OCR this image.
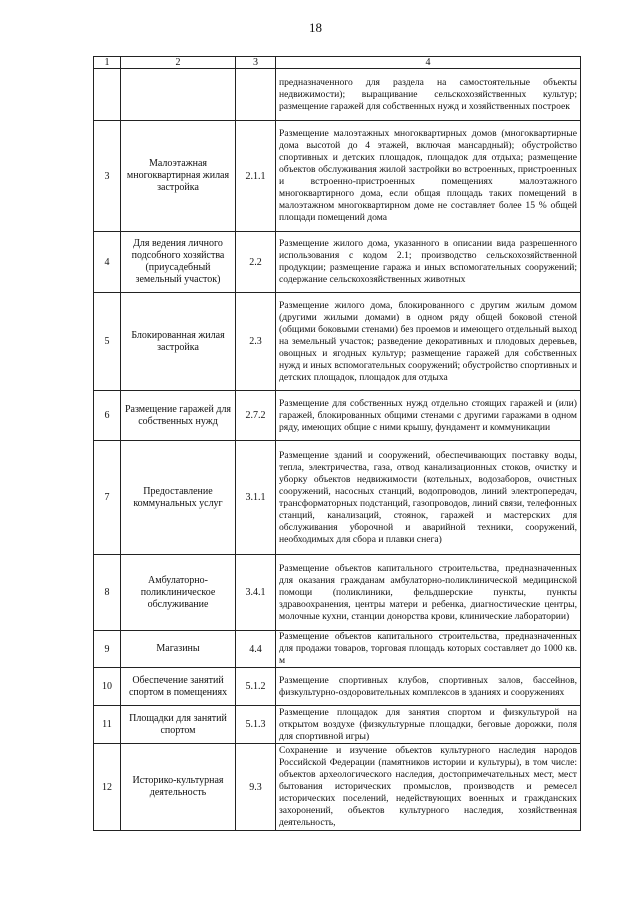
18
1	2	3	4
			предназначенного для раздела на самостоятельные объекты недвижимости); выращивание сельскохозяйственных культур; размещение гаражей для собственных нужд и хозяйственных построек
3	Малоэтажная многоквартирная жилая застройка	2.1.1	Размещение малоэтажных многоквартирных домов (многоквартирные дома высотой до 4 этажей, включая мансардный); обустройство спортивных и детских площадок, площадок для отдыха; размещение объектов обслуживания жилой застройки во встроенных, пристроенных и встроенно-пристроенных помещениях малоэтажного многоквартирного дома, если общая площадь таких помещений в малоэтажном многоквартирном доме не составляет более 15 % общей площади помещений дома
4	Для ведения личного подсобного хозяйства (приусадебный земельный участок)	2.2	Размещение жилого дома, указанного в описании вида разрешенного использования с кодом 2.1; производство сельскохозяйственной продукции; размещение гаража и иных вспомогательных сооружений; содержание сельскохозяйственных животных
5	Блокированная жилая застройка	2.3	Размещение жилого дома, блокированного с другим жилым домом (другими жилыми домами) в одном ряду общей боковой стеной (общими боковыми стенами) без проемов и имеющего отдельный выход на земельный участок; разведение декоративных и плодовых деревьев, овощных и ягодных культур; размещение гаражей для собственных нужд и иных вспомогательных сооружений; обустройство спортивных и детских площадок, площадок для отдыха
6	Размещение гаражей для собственных нужд	2.7.2	Размещение для собственных нужд отдельно стоящих гаражей и (или) гаражей, блокированных общими стенами с другими гаражами в одном ряду, имеющих общие с ними крышу, фундамент и коммуникации
7	Предоставление коммунальных услуг	3.1.1	Размещение зданий и сооружений, обеспечивающих поставку воды, тепла, электричества, газа, отвод канализационных стоков, очистку и уборку объектов недвижимости (котельных, водозаборов, очистных сооружений, насосных станций, водопроводов, линий электропередач, трансформаторных подстанций, газопроводов, линий связи, телефонных станций, канализаций, стоянок, гаражей и мастерских для обслуживания уборочной и аварийной техники, сооружений, необходимых для сбора и плавки снега)
8	Амбулаторно-поликлиническое обслуживание	3.4.1	Размещение объектов капитального строительства, предназначенных для оказания гражданам амбулаторно-поликлинической медицинской помощи (поликлиники, фельдшерские пункты, пункты здравоохранения, центры матери и ребенка, диагностические центры, молочные кухни, станции донорства крови, клинические лаборатории)
9	Магазины	4.4	Размещение объектов капитального строительства, предназначенных для продажи товаров, торговая площадь которых составляет до 1000 кв. м
10	Обеспечение занятий спортом в помещениях	5.1.2	Размещение спортивных клубов, спортивных залов, бассейнов, физкультурно-оздоровительных комплексов в зданиях и сооружениях
11	Площадки для занятий спортом	5.1.3	Размещение площадок для занятия спортом и физкультурой на открытом воздухе (физкультурные площадки, беговые дорожки, поля для спортивной игры)
12	Историко-культурная деятельность	9.3	Сохранение и изучение объектов культурного наследия народов Российской Федерации (памятников истории и культуры), в том числе: объектов археологического наследия, достопримечательных мест, мест бытования исторических промыслов, производств и ремесел исторических поселений, недействующих военных и гражданских захоронений, объектов культурного наследия, хозяйственная деятельность,
